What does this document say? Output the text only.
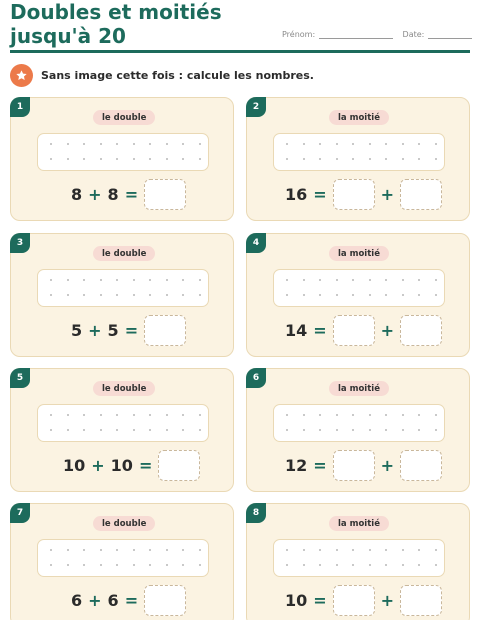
Doubles et moitiés jusqu'à 20	Prénom:	Date:
Sans image cette fois : calcule les nombres.
1
le double
8 + 8 =
2
la moitié
16 =	+
3
le double
5 + 5 =
4
la moitié
14 =	+
5
le double
10 + 10 =
6
la moitié
12 =	+
7
le double
6 + 6 =
8
la moitié
10 =	+
